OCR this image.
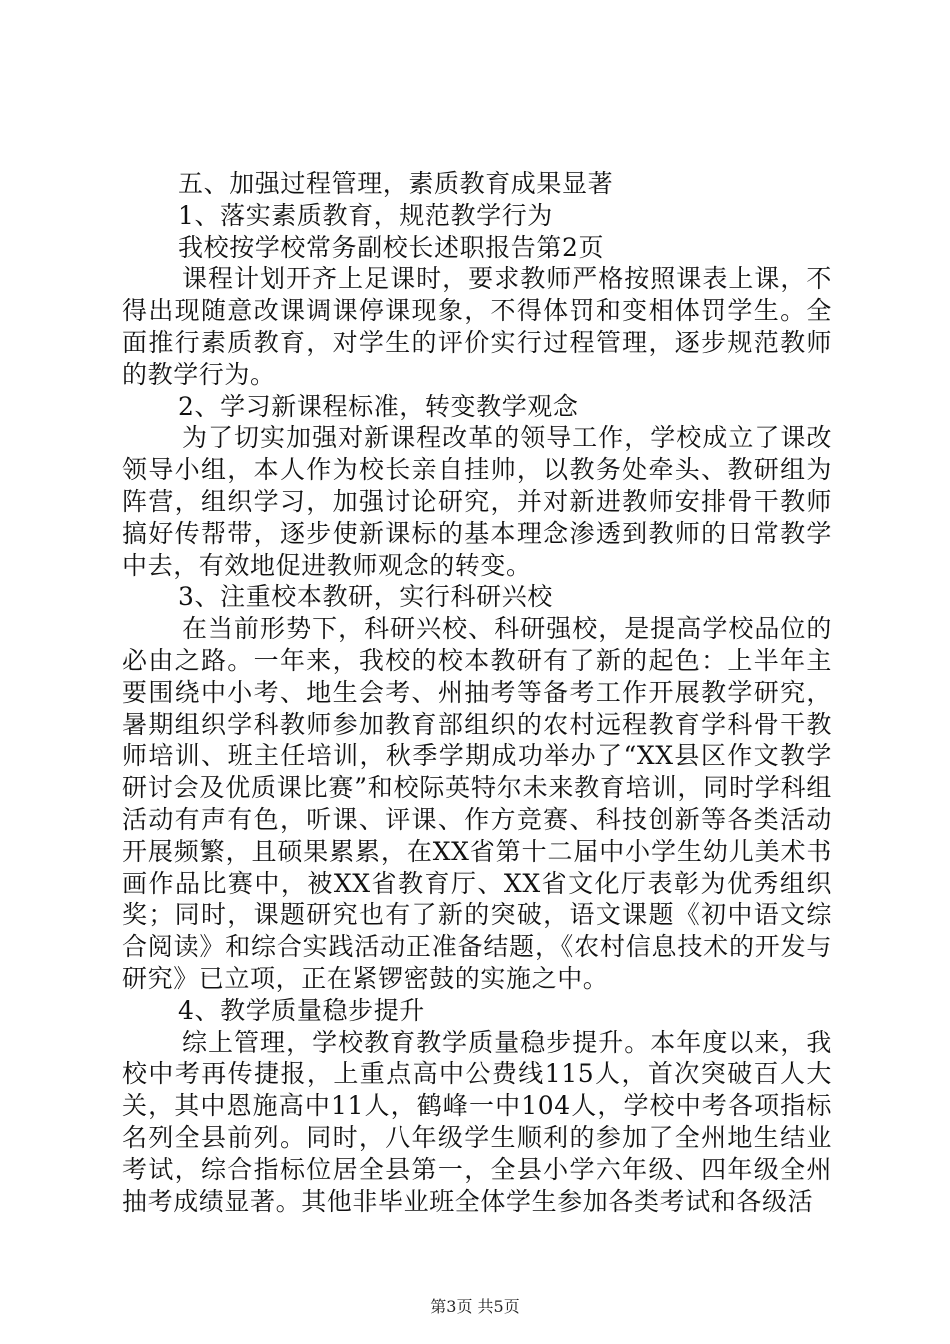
五、加强过程管理，素质教育成果显著

1、落实素质教育，规范教学行为

我校按学校常务副校长述职报告第2页

课程计划开齐上足课时，要求教师严格按照课表上课，不得出现随意改课调课停课现象，不得体罚和变相体罚学生。全面推行素质教育，对学生的评价实行过程管理，逐步规范教师的教学行为。

2、学习新课程标准，转变教学观念

为了切实加强对新课程改革的领导工作，学校成立了课改领导小组，本人作为校长亲自挂帅，以教务处牵头、教研组为阵营，组织学习，加强讨论研究，并对新进教师安排骨干教师搞好传帮带，逐步使新课标的基本理念渗透到教师的日常教学中去，有效地促进教师观念的转变。

3、注重校本教研，实行科研兴校

在当前形势下，科研兴校、科研强校，是提高学校品位的必由之路。一年来，我校的校本教研有了新的起色：上半年主要围绕中小考、地生会考、州抽考等备考工作开展教学研究，暑期组织学科教师参加教育部组织的农村远程教育学科骨干教师培训、班主任培训，秋季学期成功举办了“XX县区作文教学研讨会及优质课比赛”和校际英特尔未来教育培训，同时学科组活动有声有色，听课、评课、作方竞赛、科技创新等各类活动开展频繁，且硕果累累，在XX省第十二届中小学生幼儿美术书画作品比赛中，被XX省教育厅、XX省文化厅表彰为优秀组织奖；同时，课题研究也有了新的突破，语文课题《初中语文综合阅读》和综合实践活动正准备结题，《农村信息技术的开发与研究》已立项，正在紧锣密鼓的实施之中。

4、教学质量稳步提升

综上管理，学校教育教学质量稳步提升。本年度以来，我校中考再传捷报，上重点高中公费线115人，首次突破百人大关，其中恩施高中11人，鹤峰一中104人，学校中考各项指标名列全县前列。同时，八年级学生顺利的参加了全州地生结业考试，综合指标位居全县第一，全县小学六年级、四年级全州抽考成绩显著。其他非毕业班全体学生参加各类考试和各级活

第3页 共5页
